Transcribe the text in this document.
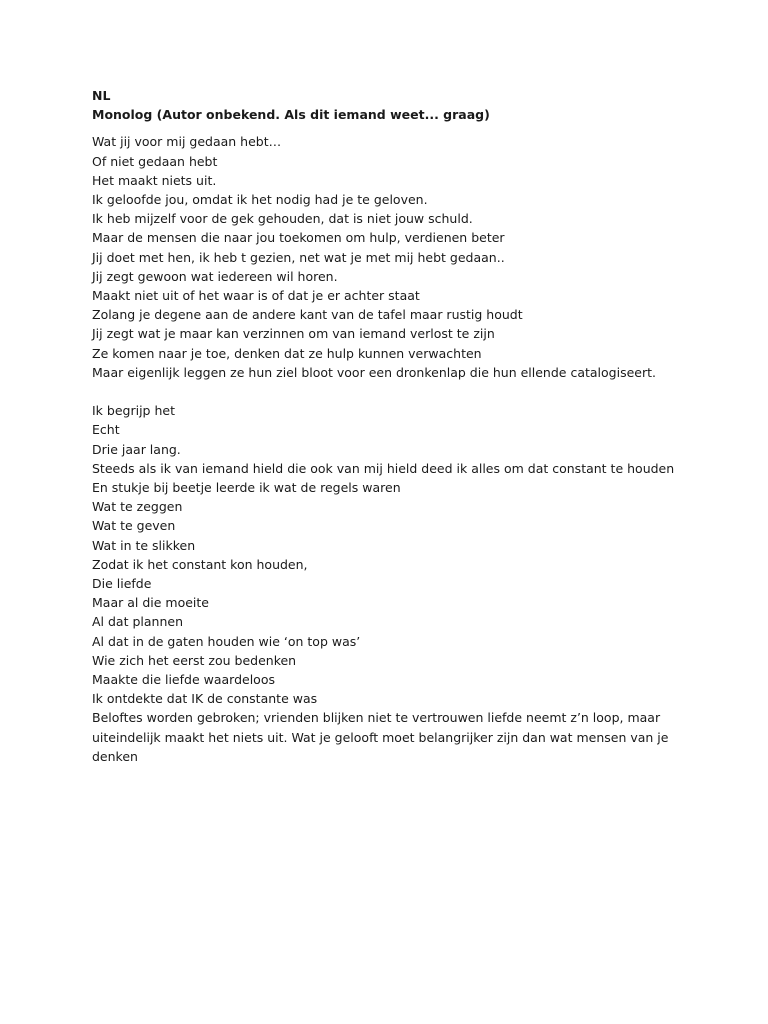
NL
Monolog (Autor onbekend. Als dit iemand weet... graag)
Wat jij voor mij gedaan hebt…
Of niet gedaan hebt
Het maakt niets uit.
Ik geloofde jou, omdat ik het nodig had je te geloven.
Ik heb mijzelf voor de gek gehouden, dat is niet jouw schuld.
Maar de mensen die naar jou toekomen om hulp, verdienen beter
Jij doet met hen, ik heb t gezien, net wat je met mij hebt gedaan..
Jij zegt gewoon wat iedereen wil horen.
Maakt niet uit of het waar is of dat je er achter staat
Zolang je degene aan de andere kant van de tafel maar rustig houdt
Jij zegt wat je maar kan verzinnen om van iemand verlost te zijn
Ze komen naar je toe, denken dat ze hulp kunnen verwachten
Maar eigenlijk leggen ze hun ziel bloot voor een dronkenlap die hun ellende catalogiseert.
Ik begrijp het
Echt
Drie jaar lang.
Steeds als ik van iemand hield die ook van mij hield deed ik alles om dat constant te houden
En stukje bij beetje leerde ik wat de regels waren
Wat te zeggen
Wat te geven
Wat in te slikken
Zodat ik het constant kon houden,
Die liefde
Maar al die moeite
Al dat plannen
Al dat in de gaten houden wie ‘on top was’
Wie zich het eerst zou bedenken
Maakte die liefde waardeloos
Ik ontdekte dat IK de constante was
Beloftes worden gebroken; vrienden blijken niet te vertrouwen liefde neemt z’n loop, maar
uiteindelijk maakt het niets uit. Wat je gelooft moet belangrijker zijn dan wat mensen van je
denken
